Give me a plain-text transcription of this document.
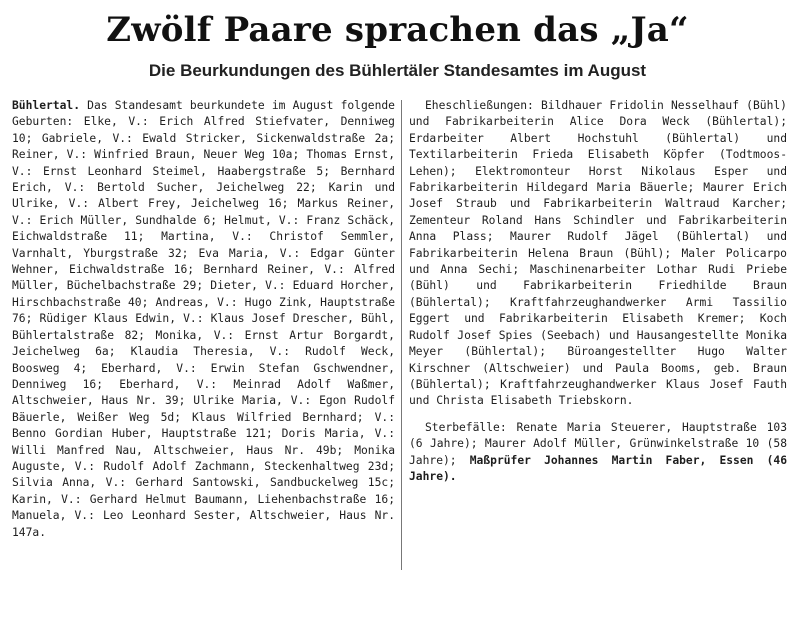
Zwölf Paare sprachen das „Ja“
Die Beurkundungen des Bühlertäler Standesamtes im August

Bühlertal. Das Standesamt beurkundete im August folgende Geburten: Elke, V.: Erich Alfred Stiefvater, Denniweg 10; Gabriele, V.: Ewald Stricker, Sickenwaldstraße 2a; Reiner, V.: Winfried Braun, Neuer Weg 10a; Thomas Ernst, V.: Ernst Leonhard Steimel, Haabergstraße 5; Bernhard Erich, V.: Bertold Sucher, Jeichelweg 22; Karin und Ulrike, V.: Albert Frey, Jeichelweg 16; Markus Reiner, V.: Erich Müller, Sundhalde 6; Helmut, V.: Franz Schäck, Eichwaldstraße 11; Martina, V.: Christof Semmler, Varnhalt, Yburgstraße 32; Eva Maria, V.: Edgar Günter Wehner, Eichwaldstraße 16; Bernhard Reiner, V.: Alfred Müller, Büchelbachstraße 29; Dieter, V.: Eduard Horcher, Hirschbachstraße 40; Andreas, V.: Hugo Zink, Hauptstraße 76; Rüdiger Klaus Edwin, V.: Klaus Josef Drescher, Bühl, Bühlertalstraße 82; Monika, V.: Ernst Artur Borgardt, Jeichelweg 6a; Klaudia Theresia, V.: Rudolf Weck, Boosweg 4; Eberhard, V.: Erwin Stefan Gschwendner, Denniweg 16; Eberhard, V.: Meinrad Adolf Waßmer, Altschweier, Haus Nr. 39; Ulrike Maria, V.: Egon Rudolf Bäuerle, Weißer Weg 5d; Klaus Wilfried Bernhard; V.: Benno Gordian Huber, Hauptstraße 121; Doris Maria, V.: Willi Manfred Nau, Altschweier, Haus Nr. 49b; Monika Auguste, V.: Rudolf Adolf Zachmann, Steckenhaltweg 23d; Silvia Anna, V.: Gerhard Santowski, Sandbuckelweg 15c; Karin, V.: Gerhard Helmut Baumann, Liehenbachstraße 16; Manuela, V.: Leo Leonhard Sester, Altschweier, Haus Nr. 147a.

Eheschließungen: Bildhauer Fridolin Nesselhauf (Bühl) und Fabrikarbeiterin Alice Dora Weck (Bühlertal); Erdarbeiter Albert Hochstuhl (Bühlertal) und Textilarbeiterin Frieda Elisabeth Köpfer (Todtmoos-Lehen); Elektromonteur Horst Nikolaus Esper und Fabrikarbeiterin Hildegard Maria Bäuerle; Maurer Erich Josef Straub und Fabrikarbeiterin Waltraud Karcher; Zementeur Roland Hans Schindler und Fabrikarbeiterin Anna Plass; Maurer Rudolf Jägel (Bühlertal) und Fabrikarbeiterin Helena Braun (Bühl); Maler Policarpo und Anna Sechi; Maschinenarbeiter Lothar Rudi Priebe (Bühl) und Fabrikarbeiterin Friedhilde Braun (Bühlertal); Kraftfahrzeughandwerker Armi Tassilio Eggert und Fabrikarbeiterin Elisabeth Kremer; Koch Rudolf Josef Spies (Seebach) und Hausangestellte Monika Meyer (Bühlertal); Büroangestellter Hugo Walter Kirschner (Altschweier) und Paula Booms, geb. Braun (Bühlertal); Kraftfahrzeughandwerker Klaus Josef Fauth und Christa Elisabeth Triebskorn.

Sterbefälle: Renate Maria Steuerer, Hauptstraße 103 (6 Jahre); Maurer Adolf Müller, Grünwinkelstraße 10 (58 Jahre); Maßprüfer Johannes Martin Faber, Essen (46 Jahre).
